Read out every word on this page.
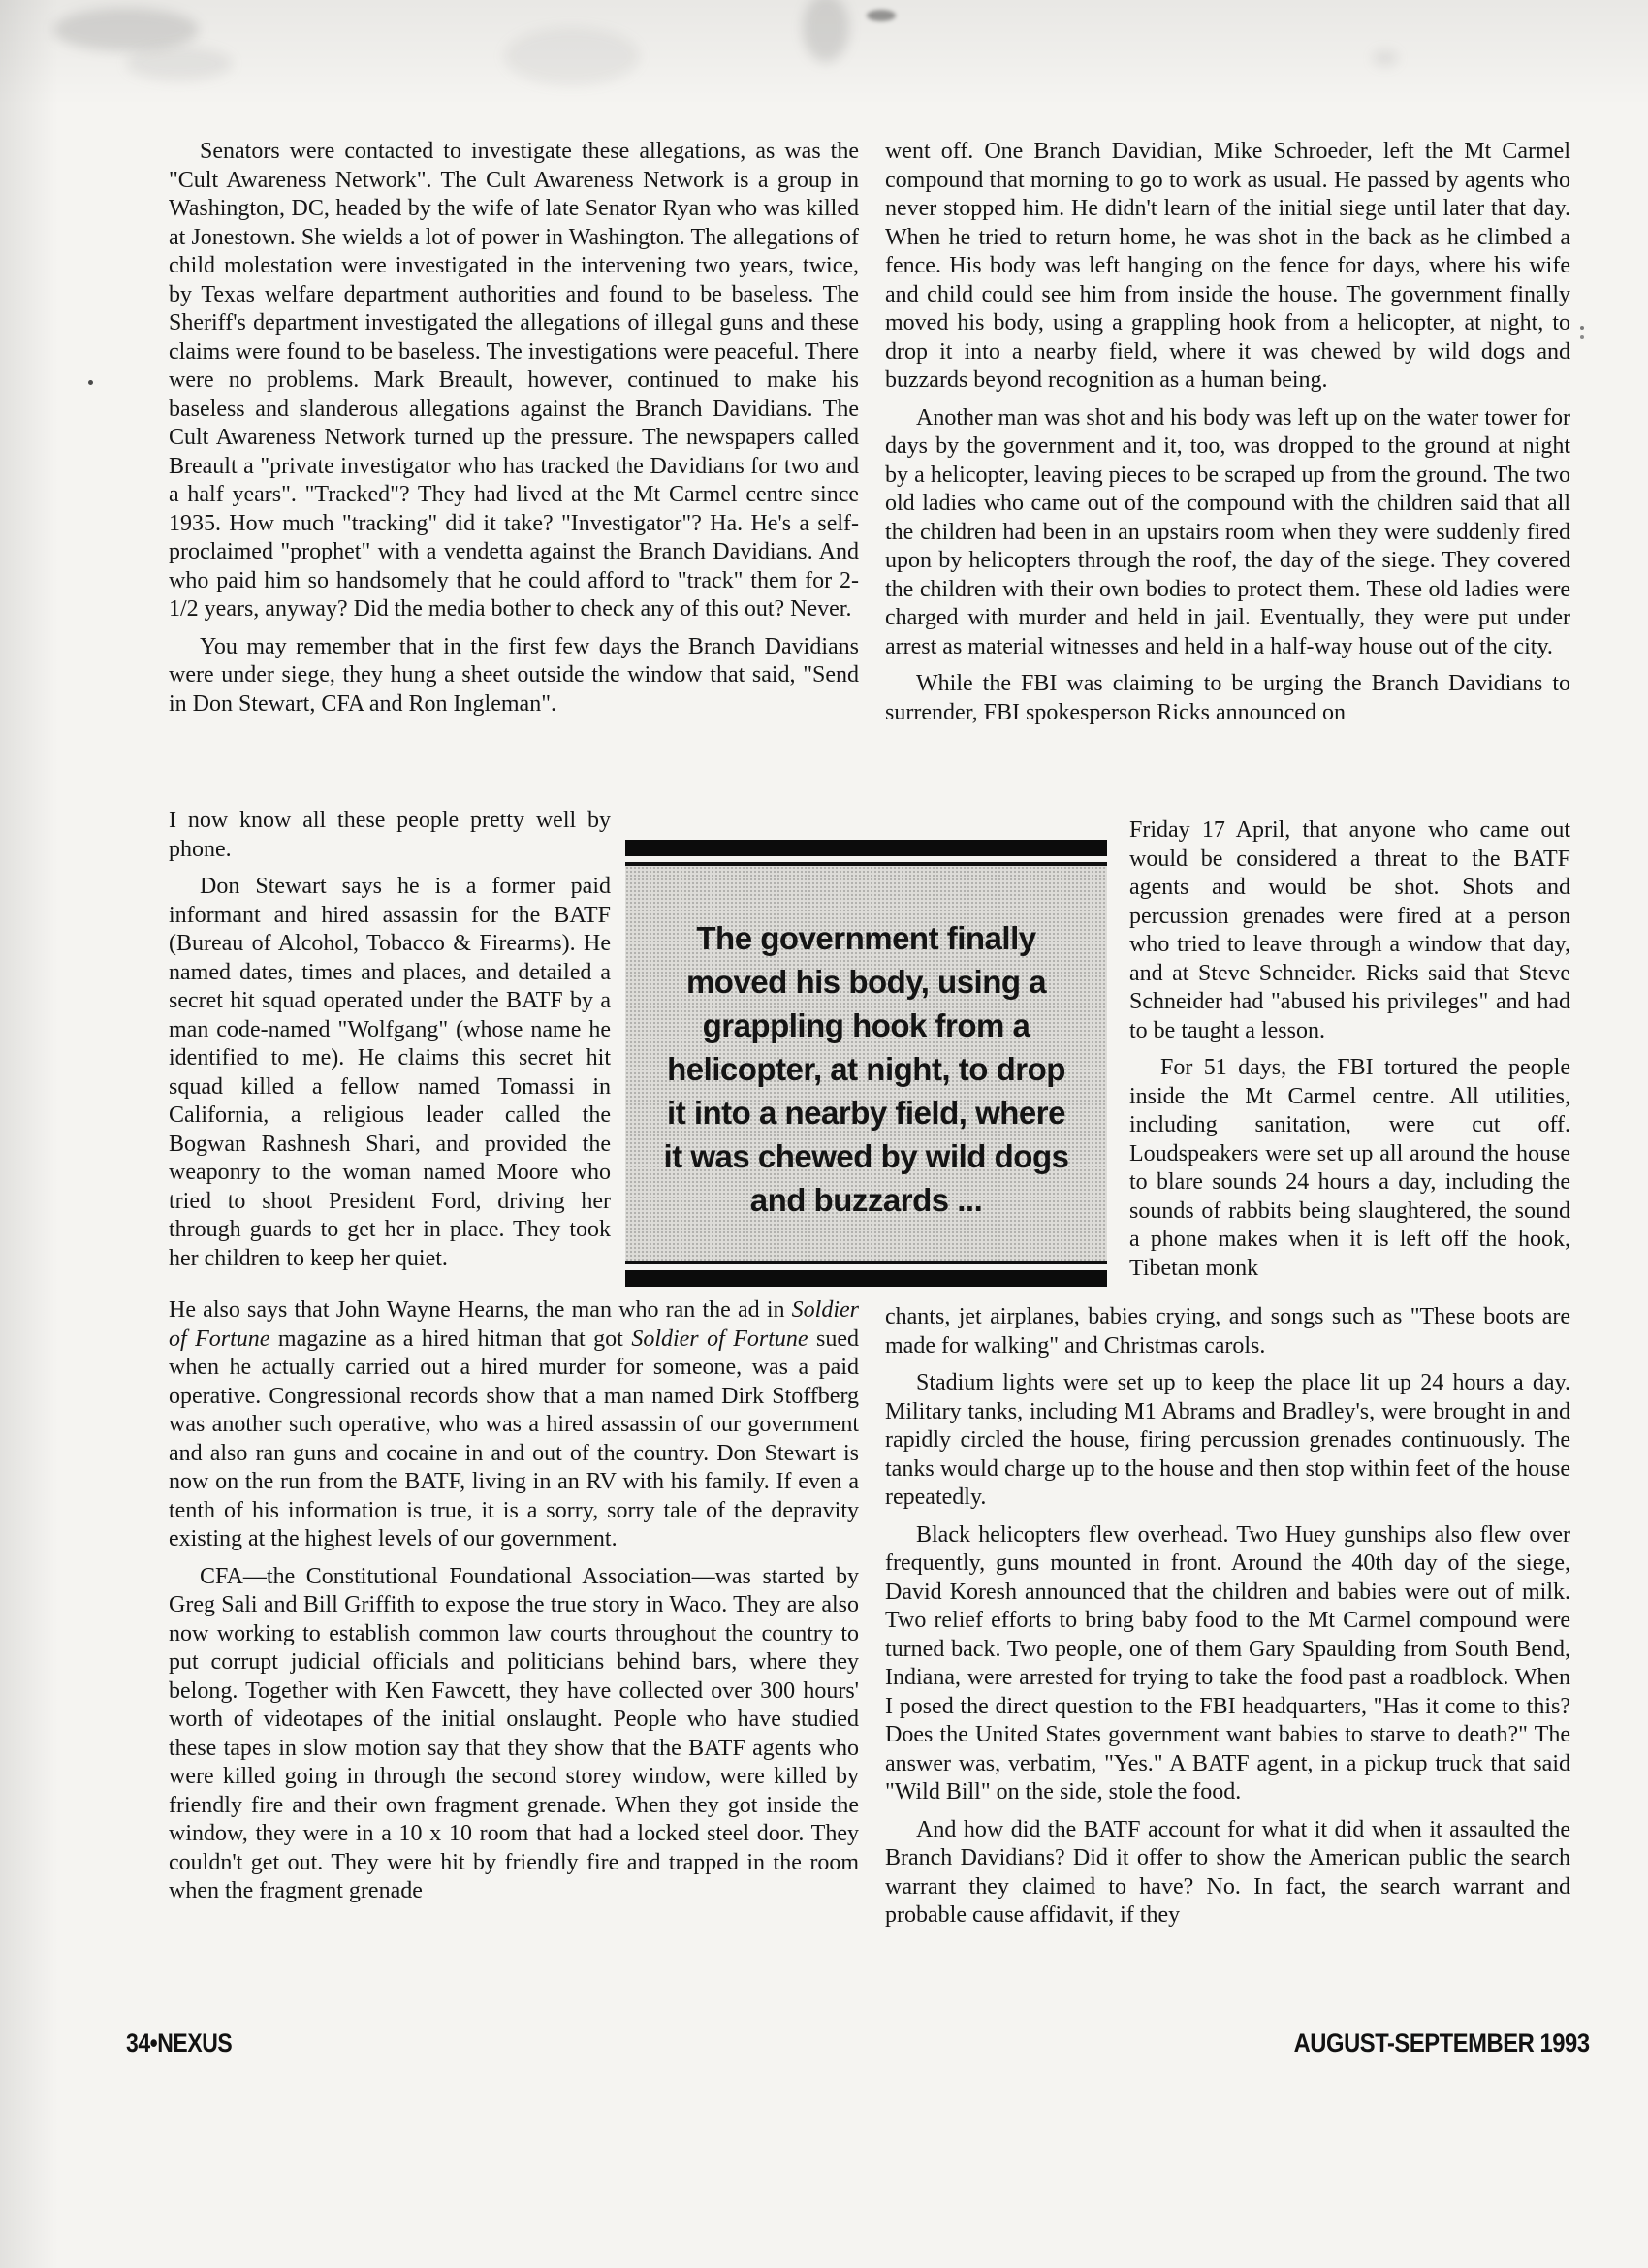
Senators were contacted to investigate these allegations, as was the "Cult Awareness Network". The Cult Awareness Network is a group in Washington, DC, headed by the wife of late Senator Ryan who was killed at Jonestown. She wields a lot of power in Washington. The allegations of child molestation were investigated in the intervening two years, twice, by Texas welfare department authorities and found to be baseless. The Sheriff's department investigated the allegations of illegal guns and these claims were found to be baseless. The investigations were peaceful. There were no problems. Mark Breault, however, continued to make his baseless and slanderous allegations against the Branch Davidians. The Cult Awareness Network turned up the pressure. The newspapers called Breault a "private investigator who has tracked the Davidians for two and a half years". "Tracked"? They had lived at the Mt Carmel centre since 1935. How much "tracking" did it take? "Investigator"? Ha. He's a self-proclaimed "prophet" with a vendetta against the Branch Davidians. And who paid him so handsomely that he could afford to "track" them for 2-1/2 years, anyway? Did the media bother to check any of this out? Never.

You may remember that in the first few days the Branch Davidians were under siege, they hung a sheet outside the window that said, "Send in Don Stewart, CFA and Ron Ingleman".

I now know all these people pretty well by phone.

Don Stewart says he is a former paid informant and hired assassin for the BATF (Bureau of Alcohol, Tobacco & Firearms). He named dates, times and places, and detailed a secret hit squad operated under the BATF by a man code-named "Wolfgang" (whose name he identified to me). He claims this secret hit squad killed a fellow named Tomassi in California, a religious leader called the Bogwan Rashnesh Shari, and provided the weaponry to the woman named Moore who tried to shoot President Ford, driving her through guards to get her in place. They took her children to keep her quiet.

He also says that John Wayne Hearns, the man who ran the ad in Soldier of Fortune magazine as a hired hitman that got Soldier of Fortune sued when he actually carried out a hired murder for someone, was a paid operative. Congressional records show that a man named Dirk Stoffberg was another such operative, who was a hired assassin of our government and also ran guns and cocaine in and out of the country. Don Stewart is now on the run from the BATF, living in an RV with his family. If even a tenth of his information is true, it is a sorry, sorry tale of the depravity existing at the highest levels of our government.

CFA—the Constitutional Foundational Association—was started by Greg Sali and Bill Griffith to expose the true story in Waco. They are also now working to establish common law courts throughout the country to put corrupt judicial officials and politicians behind bars, where they belong. Together with Ken Fawcett, they have collected over 300 hours' worth of videotapes of the initial onslaught. People who have studied these tapes in slow motion say that they show that the BATF agents who were killed going in through the second storey window, were killed by friendly fire and their own fragment grenade. When they got inside the window, they were in a 10 x 10 room that had a locked steel door. They couldn't get out. They were hit by friendly fire and trapped in the room when the fragment grenade

went off. One Branch Davidian, Mike Schroeder, left the Mt Carmel compound that morning to go to work as usual. He passed by agents who never stopped him. He didn't learn of the initial siege until later that day. When he tried to return home, he was shot in the back as he climbed a fence. His body was left hanging on the fence for days, where his wife and child could see him from inside the house. The government finally moved his body, using a grappling hook from a helicopter, at night, to drop it into a nearby field, where it was chewed by wild dogs and buzzards beyond recognition as a human being.

Another man was shot and his body was left up on the water tower for days by the government and it, too, was dropped to the ground at night by a helicopter, leaving pieces to be scraped up from the ground. The two old ladies who came out of the compound with the children said that all the children had been in an upstairs room when they were suddenly fired upon by helicopters through the roof, the day of the siege. They covered the children with their own bodies to protect them. These old ladies were charged with murder and held in jail. Eventually, they were put under arrest as material witnesses and held in a half-way house out of the city.

While the FBI was claiming to be urging the Branch Davidians to surrender, FBI spokesperson Ricks announced on

Friday 17 April, that anyone who came out would be considered a threat to the BATF agents and would be shot. Shots and percussion grenades were fired at a person who tried to leave through a window that day, and at Steve Schneider. Ricks said that Steve Schneider had "abused his privileges" and had to be taught a lesson.

For 51 days, the FBI tortured the people inside the Mt Carmel centre. All utilities, including sanitation, were cut off. Loudspeakers were set up all around the house to blare sounds 24 hours a day, including the sounds of rabbits being slaughtered, the sound a phone makes when it is left off the hook, Tibetan monk

chants, jet airplanes, babies crying, and songs such as "These boots are made for walking" and Christmas carols.

Stadium lights were set up to keep the place lit up 24 hours a day. Military tanks, including M1 Abrams and Bradley's, were brought in and rapidly circled the house, firing percussion grenades continuously. The tanks would charge up to the house and then stop within feet of the house repeatedly.

Black helicopters flew overhead. Two Huey gunships also flew over frequently, guns mounted in front. Around the 40th day of the siege, David Koresh announced that the children and babies were out of milk. Two relief efforts to bring baby food to the Mt Carmel compound were turned back. Two people, one of them Gary Spaulding from South Bend, Indiana, were arrested for trying to take the food past a roadblock. When I posed the direct question to the FBI headquarters, "Has it come to this? Does the United States government want babies to starve to death?" The answer was, verbatim, "Yes." A BATF agent, in a pickup truck that said "Wild Bill" on the side, stole the food.

And how did the BATF account for what it did when it assaulted the Branch Davidians? Did it offer to show the American public the search warrant they claimed to have? No. In fact, the search warrant and probable cause affidavit, if they

The government finally
moved his body, using a
grappling hook from a
helicopter, at night, to drop
it into a nearby field, where
it was chewed by wild dogs
and buzzards ...
34•NEXUS	AUGUST-SEPTEMBER 1993
